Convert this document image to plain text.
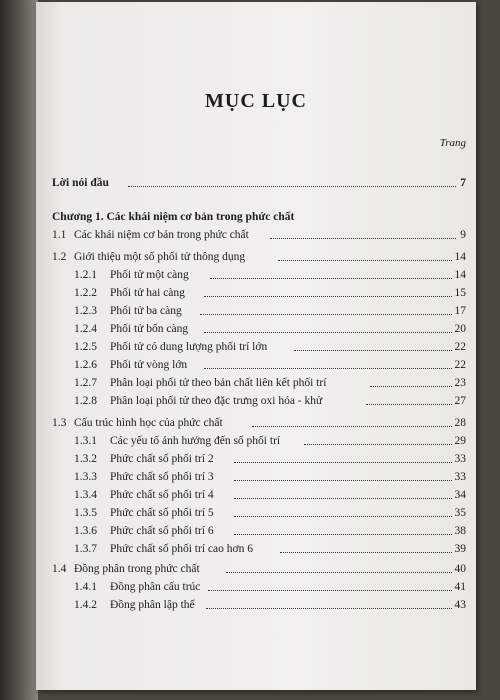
MỤC LỤC
Trang
Lời nói đầu	7
Chương 1. Các khái niệm cơ bản trong phức chất
1.1 Các khái niệm cơ bản trong phức chất	9
1.2 Giới thiệu một số phối tử thông dụng	14
1.2.1 Phối tử một càng	14
1.2.2 Phối tử hai càng	15
1.2.3 Phối tử ba càng	17
1.2.4 Phối tử bốn càng	20
1.2.5 Phối tử có dung lượng phối trí lớn	22
1.2.6 Phối tử vòng lớn	22
1.2.7 Phân loại phối tử theo bản chất liên kết phối trí	23
1.2.8 Phân loại phối tử theo đặc trưng oxi hóa - khử	27
1.3 Cấu trúc hình học của phức chất	28
1.3.1 Các yếu tố ảnh hưởng đến số phối trí	29
1.3.2 Phức chất số phối trí 2	33
1.3.3 Phức chất số phối trí 3	33
1.3.4 Phức chất số phối trí 4	34
1.3.5 Phức chất số phối trí 5	35
1.3.6 Phức chất số phối trí 6	38
1.3.7 Phức chất số phối trí cao hơn 6	39
1.4 Đồng phân trong phức chất	40
1.4.1 Đồng phân cấu trúc	41
1.4.2 Đồng phân lập thể	43
